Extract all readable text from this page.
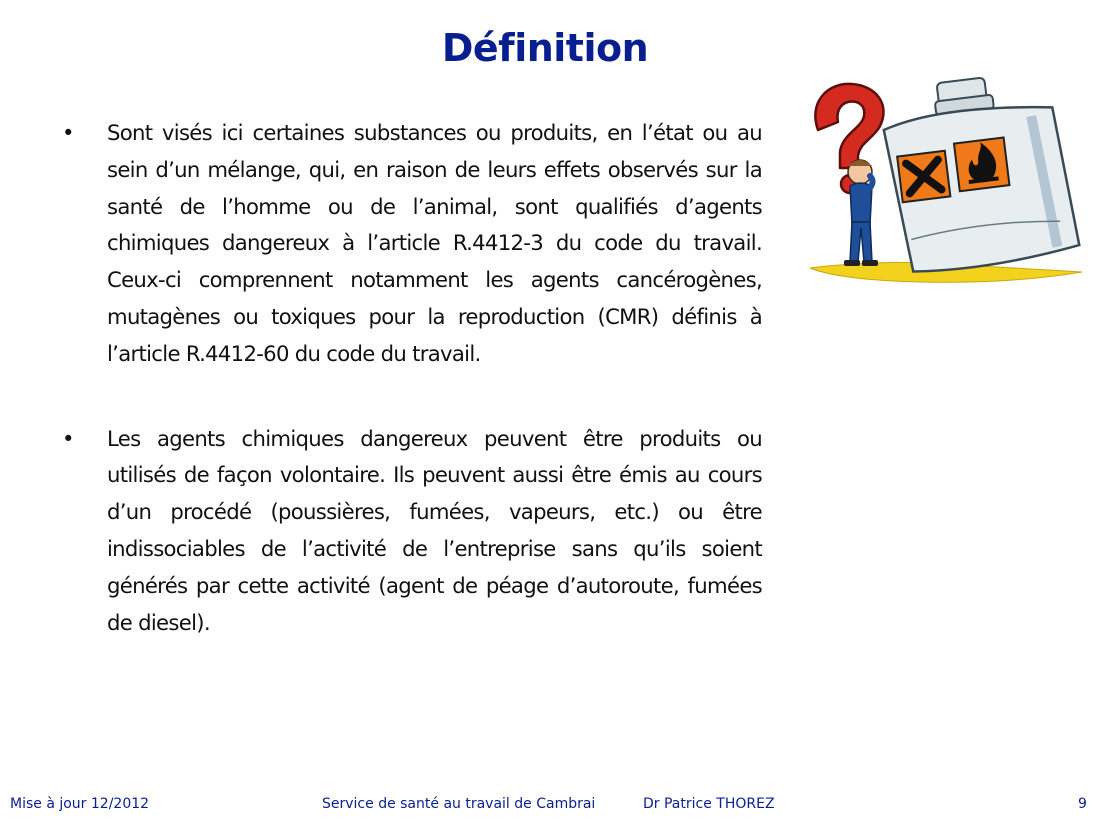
Définition
•	Sont visés ici certaines substances ou produits, en l’état ou au sein d’un mélange, qui, en raison de leurs effets observés sur la santé de l’homme ou de l’animal, sont qualifiés d’agents chimiques dangereux à l’article R.4412-3 du code du travail. Ceux-ci comprennent notamment les agents cancérogènes, mutagènes ou toxiques pour la reproduction (CMR) définis à l’article R.4412-60 du code du travail.
•	Les agents chimiques dangereux peuvent être produits ou utilisés de façon volontaire. Ils peuvent aussi être émis au cours d’un procédé (poussières, fumées, vapeurs, etc.) ou être indissociables de l’activité de l’entreprise sans qu’ils soient générés par cette activité (agent de péage d’autoroute, fumées de diesel).
Mise à jour 12/2012	Service de santé au travail de Cambrai	Dr Patrice THOREZ	9
